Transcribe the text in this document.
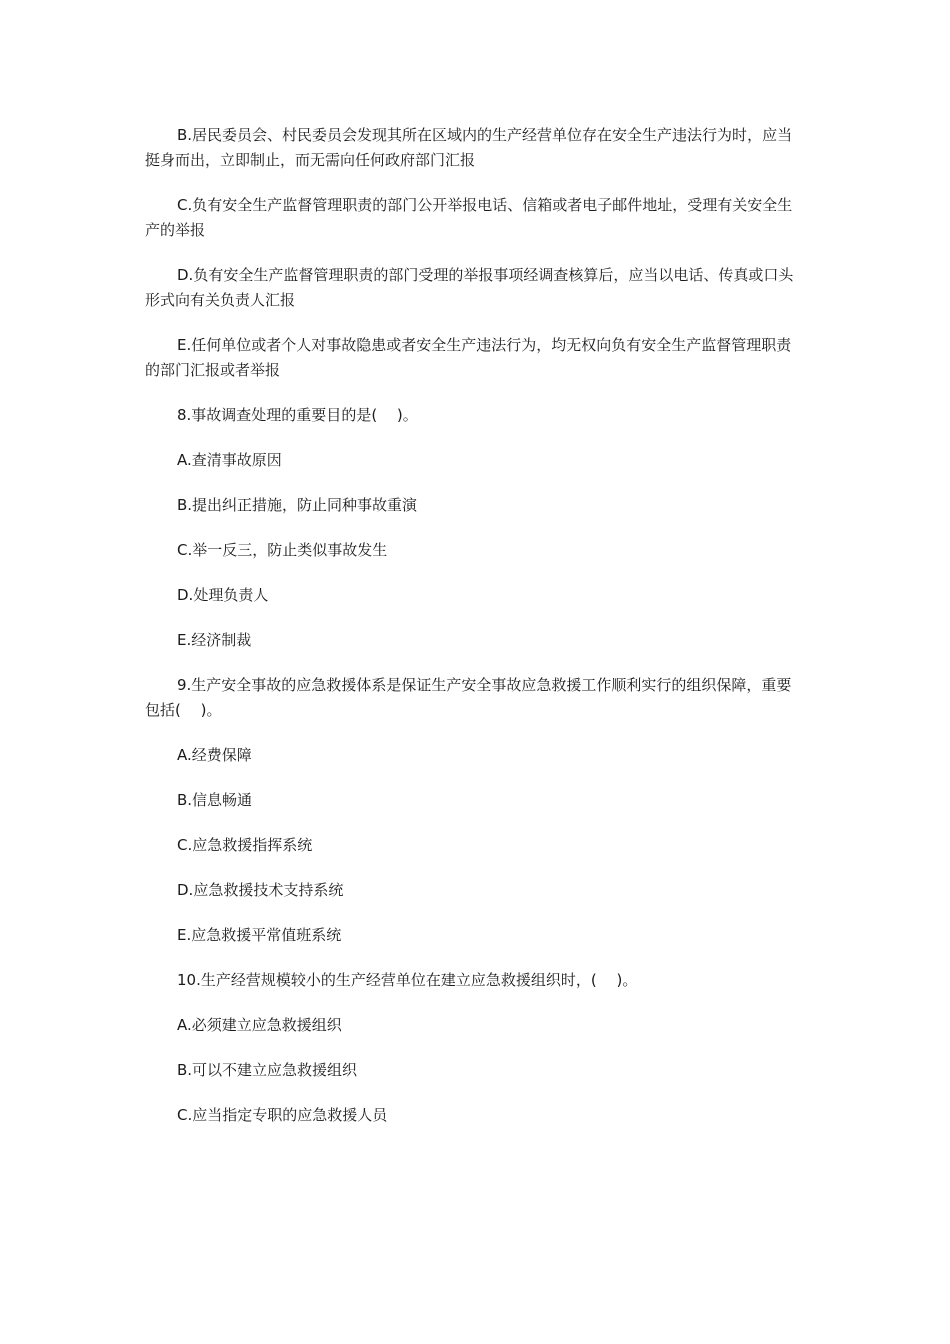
B.居民委员会、村民委员会发现其所在区域内的生产经营单位存在安全生产违法行为时，应当挺身而出，立即制止，而无需向任何政府部门汇报

C.负有安全生产监督管理职责的部门公开举报电话、信箱或者电子邮件地址，受理有关安全生产的举报

D.负有安全生产监督管理职责的部门受理的举报事项经调查核算后，应当以电话、传真或口头形式向有关负责人汇报

E.任何单位或者个人对事故隐患或者安全生产违法行为，均无权向负有安全生产监督管理职责的部门汇报或者举报

8.事故调查处理的重要目的是(　 )。

A.查清事故原因

B.提出纠正措施，防止同种事故重演

C.举一反三，防止类似事故发生

D.处理负责人

E.经济制裁

9.生产安全事故的应急救援体系是保证生产安全事故应急救援工作顺利实行的组织保障，重要包括(　 )。

A.经费保障

B.信息畅通

C.应急救援指挥系统

D.应急救援技术支持系统

E.应急救援平常值班系统

10.生产经营规模较小的生产经营单位在建立应急救援组织时，(　 )。

A.必须建立应急救援组织

B.可以不建立应急救援组织

C.应当指定专职的应急救援人员
